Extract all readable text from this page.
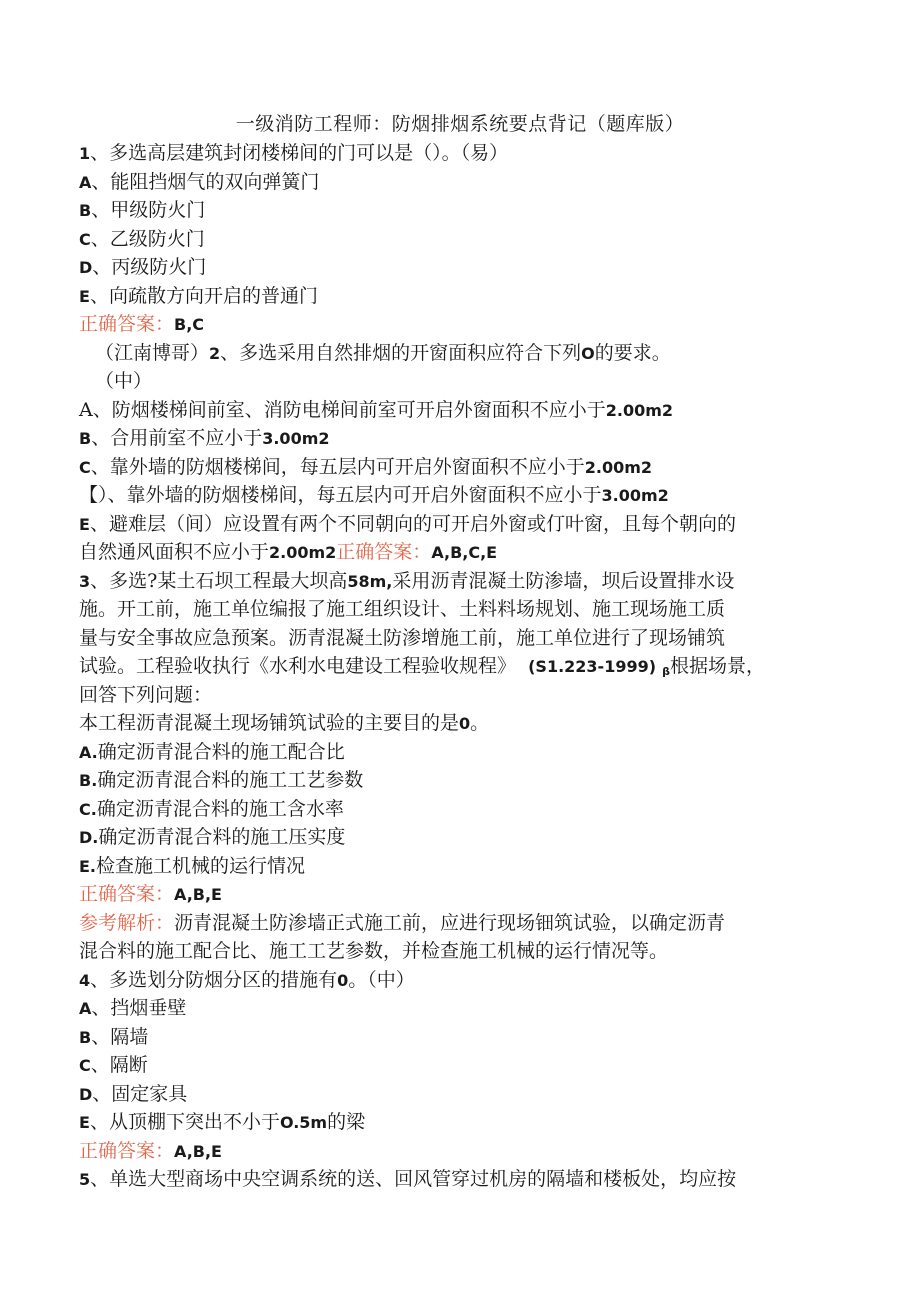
一级消防工程师：防烟排烟系统要点背记（题库版）
1、多选高层建筑封闭楼梯间的门可以是（）。（易）
A、能阻挡烟气的双向弹簧门
B、甲级防火门
C、乙级防火门
D、丙级防火门
E、向疏散方向开启的普通门
正确答案：B,C
（江南博哥）2、多选采用自然排烟的开窗面积应符合下列O的要求。
（中）
A、防烟楼梯间前室、消防电梯间前室可开启外窗面积不应小于2.00m2
B、合用前室不应小于3.00m2
C、靠外墙的防烟楼梯间，每五层内可开启外窗面积不应小于2.00m2
【）、靠外墙的防烟楼梯间，每五层内可开启外窗面积不应小于3.00m2
E、避难层（间）应设置有两个不同朝向的可开启外窗或仃叶窗，且每个朝向的
自然通风面积不应小于2.00m2正确答案：A,B,C,E
3、多选?某土石坝工程最大坝高58m,采用沥青混凝土防渗墙，坝后设置排水设
施。开工前，施工单位编报了施工组织设计、土料料场规划、施工现场施工质
量与安全事故应急预案。沥青混凝土防渗增施工前，施工单位进行了现场铺筑
试验。工程验收执行《水利水电建设工程验收规程》 (S1.223-1999) $_\beta$根据场景，
回答下列问题：
本工程沥青混凝土现场铺筑试验的主要目的是0。
A.确定沥青混合料的施工配合比
B.确定沥青混合料的施工工艺参数
C.确定沥青混合料的施工含水率
D.确定沥青混合料的施工压实度
E.检查施工机械的运行情况
正确答案：A,B,E
参考解析：沥青混凝土防渗墙正式施工前，应进行现场钿筑试验，以确定沥青
混合料的施工配合比、施工工艺参数，并检查施工机械的运行情况等。
4、多选划分防烟分区的措施有0。（中）
A、挡烟垂壁
B、隔墙
C、隔断
D、固定家具
E、从顶棚下突出不小于O.5m的梁
正确答案：A,B,E
5、单选大型商场中央空调系统的送、回风管穿过机房的隔墙和楼板处，均应按
